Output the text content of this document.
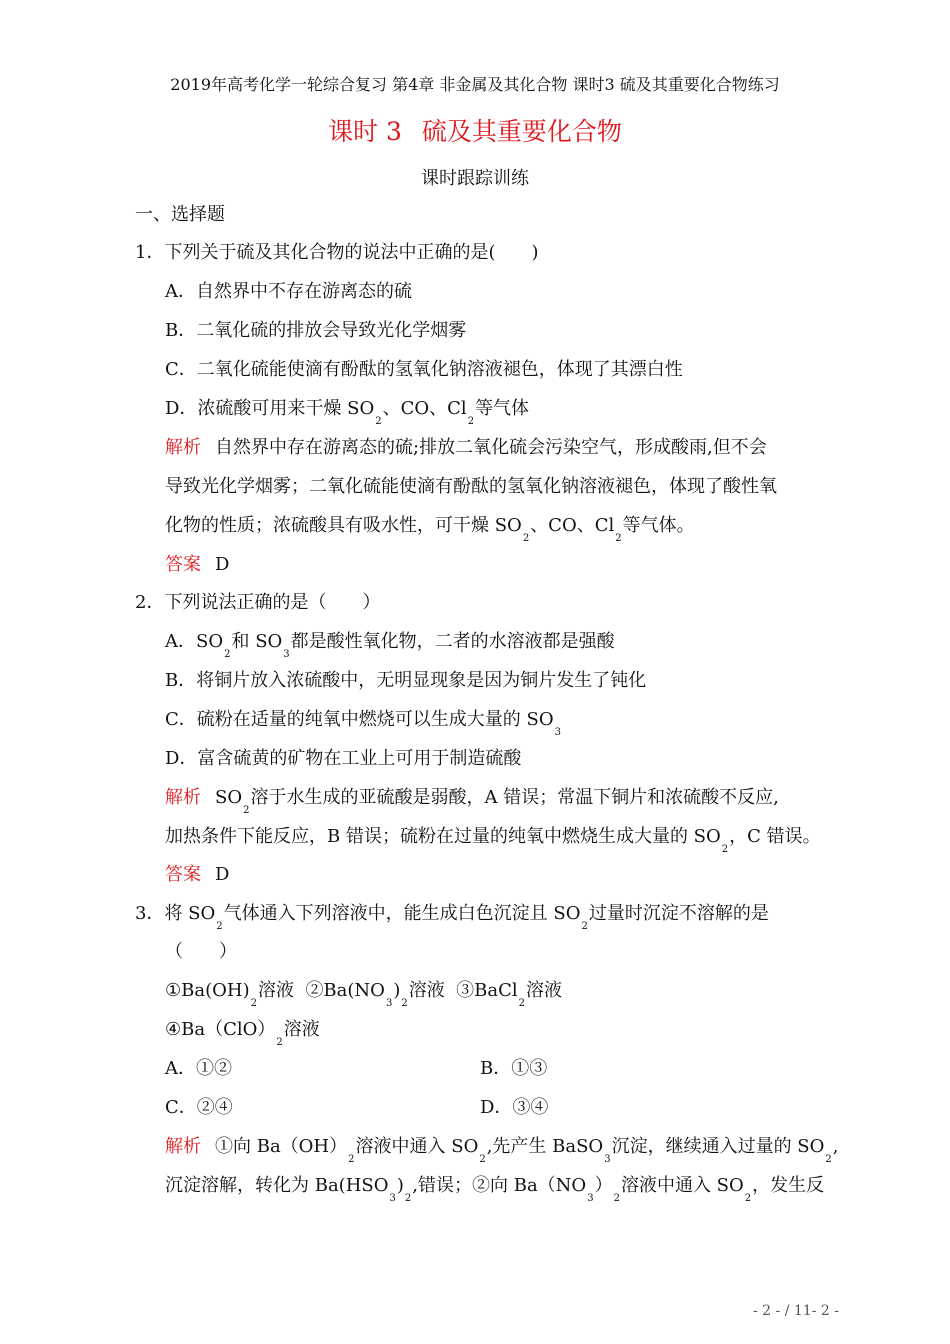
2019年高考化学一轮综合复习 第4章 非金属及其化合物 课时3 硫及其重要化合物练习
课时 3 硫及其重要化合物
课时跟踪训练
一、选择题
1．下列关于硫及其化合物的说法中正确的是(　　)
A．自然界中不存在游离态的硫
B．二氧化硫的排放会导致光化学烟雾
C．二氧化硫能使滴有酚酞的氢氧化钠溶液褪色，体现了其漂白性
D．浓硫酸可用来干燥 $SO_2$、CO、$Cl_2$等气体
解析 自然界中存在游离态的硫;排放二氧化硫会污染空气，形成酸雨,但不会
导致光化学烟雾；二氧化硫能使滴有酚酞的氢氧化钠溶液褪色，体现了酸性氧
化物的性质；浓硫酸具有吸水性，可干燥 $SO_2$、CO、$Cl_2$等气体。
答案 D
2．下列说法正确的是（　　）
A．$SO_2$和 $SO_3$都是酸性氧化物，二者的水溶液都是强酸
B．将铜片放入浓硫酸中，无明显现象是因为铜片发生了钝化
C．硫粉在适量的纯氧中燃烧可以生成大量的 $SO_3$
D．富含硫黄的矿物在工业上可用于制造硫酸
解析 $SO_2$溶于水生成的亚硫酸是弱酸，A 错误；常温下铜片和浓硫酸不反应,
加热条件下能反应，B 错误；硫粉在过量的纯氧中燃烧生成大量的 $SO_2$，C 错误。
答案 D
3．将 $SO_2$气体通入下列溶液中，能生成白色沉淀且 $SO_2$过量时沉淀不溶解的是
（　　）
$①Ba(OH)_2$溶液 $②Ba(NO_3)_2$溶液 ③BaCl$_2$溶液
$④Ba(ClO)_2$溶液
A．①②	B．①③
C．②④	D．③④
解析 ①向 $Ba(OH)_2$溶液中通入 $SO_2$,先产生 BaSO$_3$沉淀，继续通入过量的 $SO_2$,
沉淀溶解，转化为 $Ba(HSO_3)_2$,错误；②向 $Ba(NO_3)_2$溶液中通入 $SO_2$，发生反
- 2 - / 11- 2 -
